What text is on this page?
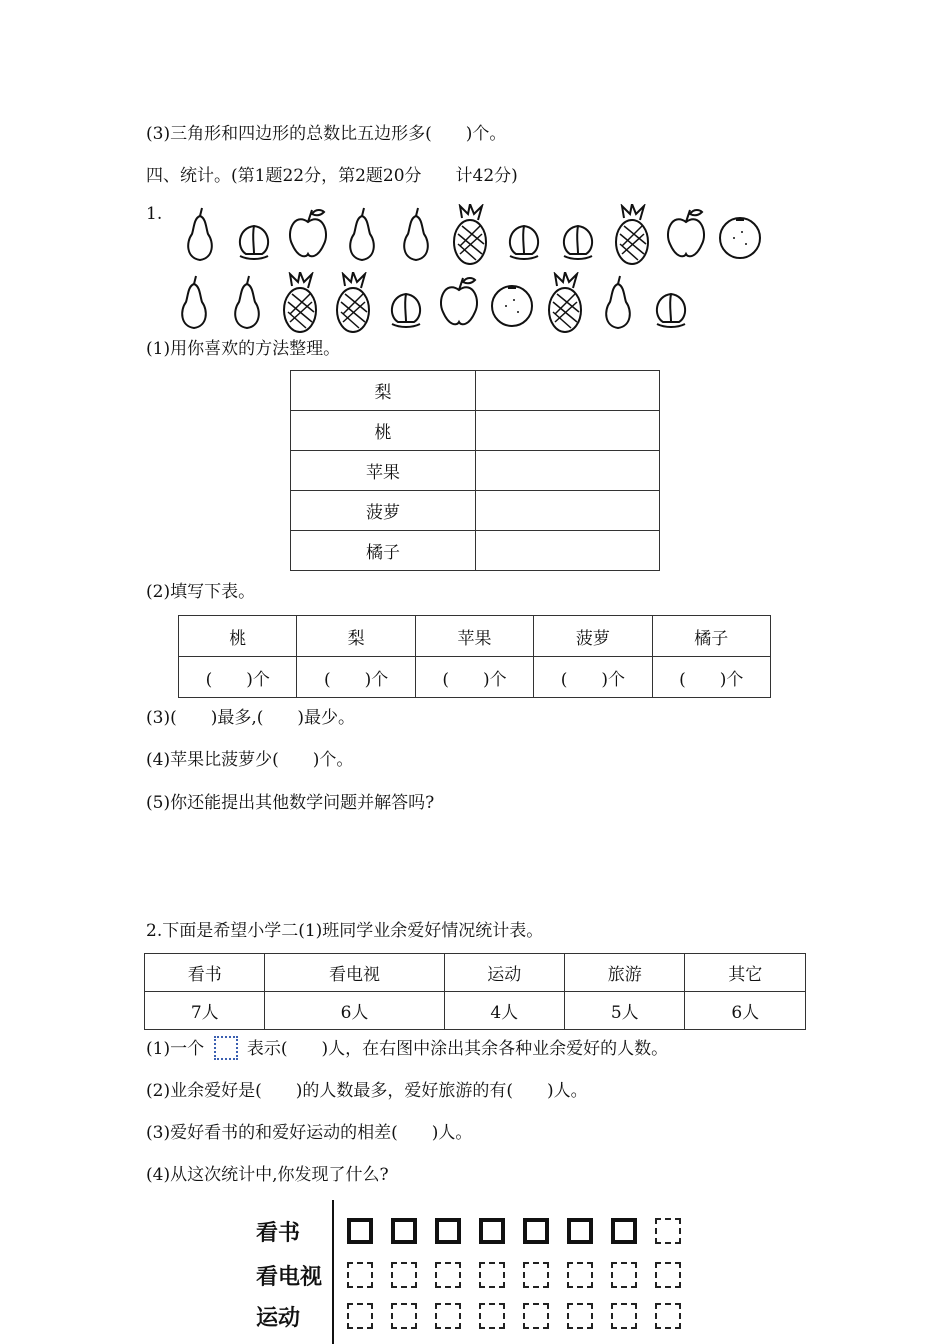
(3)三角形和四边形的总数比五边形多(　　)个。
四、统计。(第1题22分，第2题20分　　计42分)
1.
(1)用你喜欢的方法整理。
梨	
桃	
苹果	
菠萝	
橘子	
(2)填写下表。
桃	梨	苹果	菠萝	橘子
(　　)个	(　　)个	(　　)个	(　　)个	(　　)个
(3)(　　)最多,(　　)最少。
(4)苹果比菠萝少(　　)个。
(5)你还能提出其他数学问题并解答吗?
2.下面是希望小学二(1)班同学业余爱好情况统计表。
看书	看电视	运动	旅游	其它
7人	6人	4人	5人	6人
(1)一个	表示(　　)人，在右图中涂出其余各种业余爱好的人数。
(2)业余爱好是(　　)的人数最多，爱好旅游的有(　　)人。
(3)爱好看书的和爱好运动的相差(　　)人。
(4)从这次统计中,你发现了什么?
看书
看电视
运动
